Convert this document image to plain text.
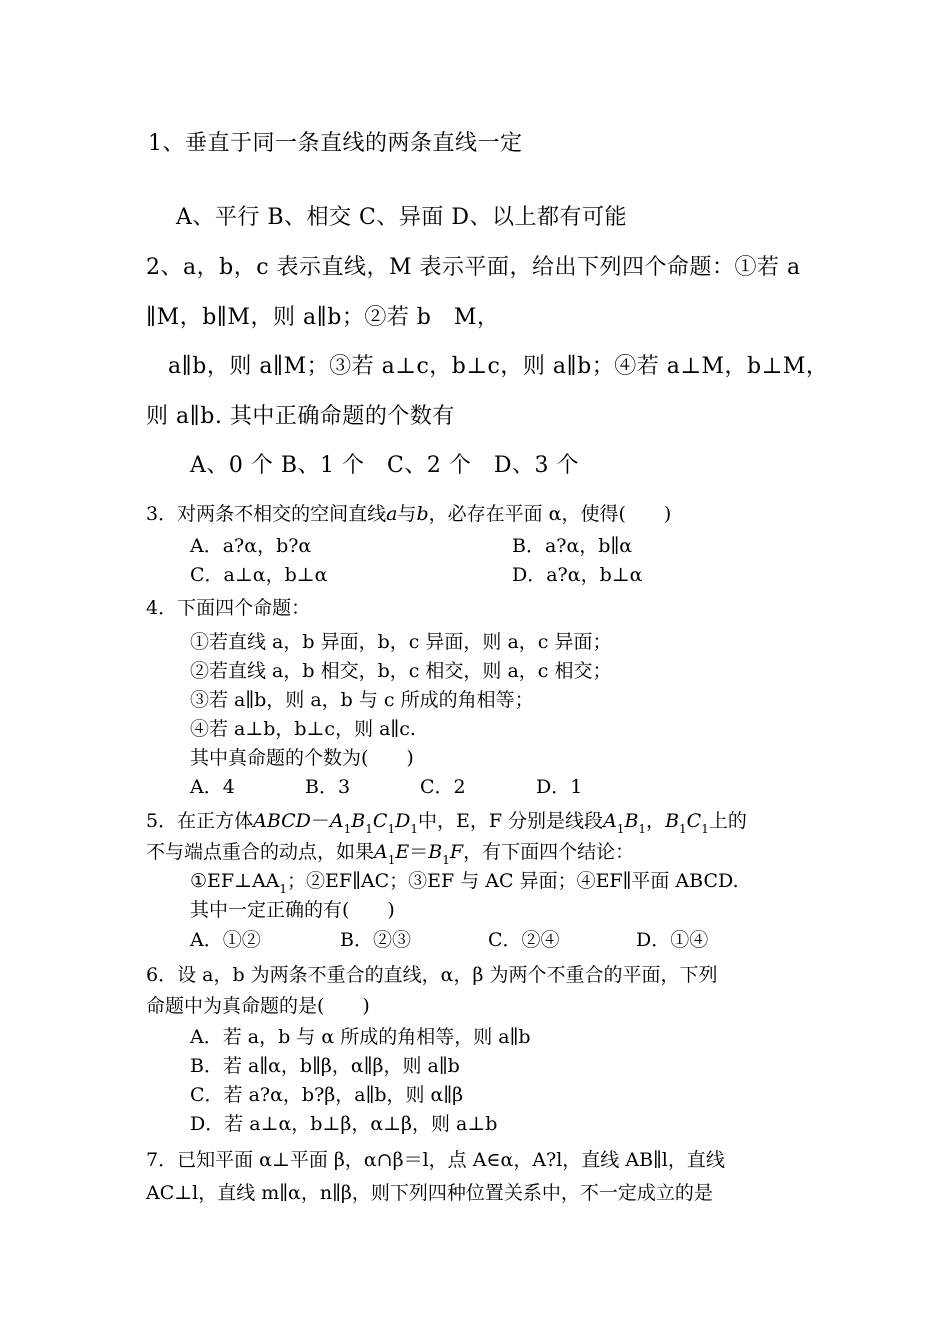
1、垂直于同一条直线的两条直线一定
A、平行 B、相交 C、异面 D、以上都有可能
2、a，b，c 表示直线，M 表示平面，给出下列四个命题：①若 a
∥M，b∥M，则 a∥b；②若 b　M，
a∥b，则 a∥M；③若 a⊥c，b⊥c，则 a∥b；④若 a⊥M，b⊥M，
则 a∥b. 其中正确命题的个数有
A、0 个 B、1 个　C、2 个　D、3 个
3．对两条不相交的空间直线a与b，必存在平面 α，使得(　　)
A．a?α，b?α	B．a?α，b∥α
C．a⊥α，b⊥α	D．a?α，b⊥α
4．下面四个命题：
①若直线 a，b 异面，b，c 异面，则 a，c 异面；
②若直线 a，b 相交，b，c 相交，则 a，c 相交；
③若 a∥b，则 a，b 与 c 所成的角相等；
④若 a⊥b，b⊥c，则 a∥c.
其中真命题的个数为(　　)
A．4	B．3	C．2	D．1
5．在正方体$ABCD-A_1B_1C_1D_1$中，E，F 分别是线段$A_1B_1$，$B_1C_1$上的
不与端点重合的动点，如果$A_1E=B_1F$，有下面四个结论：
$①EF\perp AA_1$；②EF∥AC；③EF 与 AC 异面；④EF∥平面 ABCD.
其中一定正确的有(　　)
A．①②	B．②③	C．②④	D．①④
6．设 a，b 为两条不重合的直线，α，β 为两个不重合的平面，下列
命题中为真命题的是(　　)
A．若 a，b 与 α 所成的角相等，则 a∥b
B．若 a∥α，b∥β，α∥β，则 a∥b
C．若 a?α，b?β，a∥b，则 α∥β
D．若 a⊥α，b⊥β，α⊥β，则 a⊥b
7．已知平面 α⊥平面 β，α∩β＝l，点 A∈α，A?l，直线 AB∥l，直线
AC⊥l，直线 m∥α，n∥β，则下列四种位置关系中，不一定成立的是
